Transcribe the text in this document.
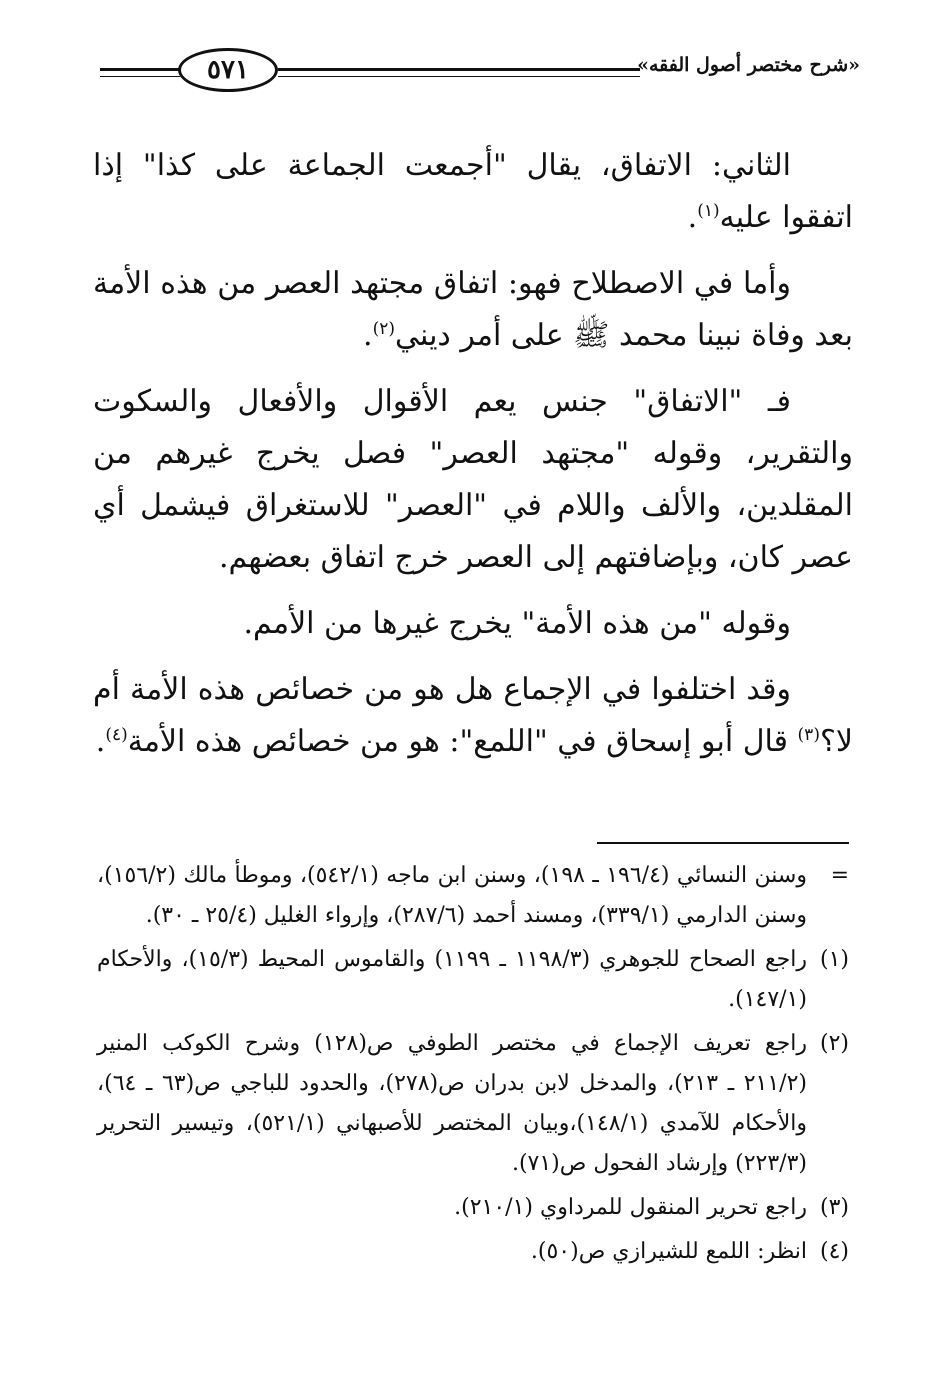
«شرح مختصر أصول الفقه»
٥٧١

الثاني: الاتفاق، يقال "أجمعت الجماعة على كذا" إذا اتفقوا عليه$^{(١)}$.

وأما في الاصطلاح فهو: اتفاق مجتهد العصر من هذه الأمة بعد وفاة نبينا محمد ﷺ على أمر ديني$^{(٢)}$.

فـ "الاتفاق" جنس يعم الأقوال والأفعال والسكوت والتقرير، وقوله "مجتهد العصر" فصل يخرج غيرهم من المقلدين، والألف واللام في "العصر" للاستغراق فيشمل أي عصر كان، وبإضافتهم إلى العصر خرج اتفاق بعضهم.

وقوله "من هذه الأمة" يخرج غيرها من الأمم.

وقد اختلفوا في الإجماع هل هو من خصائص هذه الأمة أم لا؟$^{(٣)}$ قال أبو إسحاق في "اللمع": هو من خصائص هذه الأمة$^{(٤)}$.

=
وسنن النسائي (١٩٦/٤ ـ ١٩٨)، وسنن ابن ماجه (٥٤٢/١)، وموطأ مالك (١٥٦/٢)، وسنن الدارمي (٣٣٩/١)، ومسند أحمد (٢٨٧/٦)، وإرواء الغليل (٢٥/٤ ـ ٣٠).
(١)
راجع الصحاح للجوهري (١١٩٨/٣ ـ ١١٩٩) والقاموس المحيط (١٥/٣)، والأحكام (١٤٧/١).
(٢)
راجع تعريف الإجماع في مختصر الطوفي ص(١٢٨) وشرح الكوكب المنير (٢١١/٢ ـ ٢١٣)، والمدخل لابن بدران ص(٢٧٨)، والحدود للباجي ص(٦٣ ـ ٦٤)، والأحكام للآمدي (١٤٨/١)،وبيان المختصر للأصبهاني (٥٢١/١)، وتيسير التحرير (٢٢٣/٣) وإرشاد الفحول ص(٧١).
(٣)
راجع تحرير المنقول للمرداوي (٢١٠/١).
(٤)
انظر: اللمع للشيرازي ص(٥٠).
